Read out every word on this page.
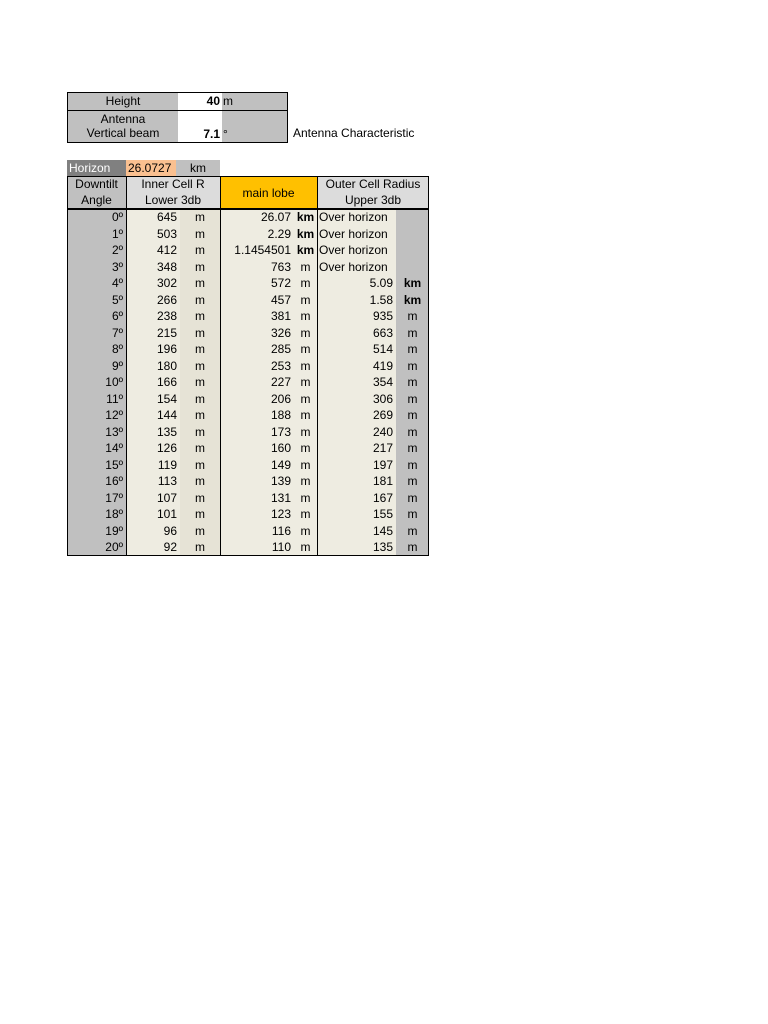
Height	40 m
Antenna
Vertical beam	7.1 °	Antenna Characteristic
Horizon	26.0727	km
Downtilt
Angle
Inner Cell R
Lower 3db
main lobe
Outer Cell Radius
Upper 3db
0º	645	m	26.07 km Over horizon
1º	503	m	2.29 km Over horizon
2º	412	m	1.1454501 km Over horizon
3º	348	m	763 m Over horizon
4º	302	m	572 m	5.09 km
5º	266	m	457 m	1.58 km
6º	238	m	381 m	935	m
7º	215	m	326 m	663	m
8º	196	m	285 m	514	m
9º	180	m	253 m	419	m
10º	166	m	227 m	354	m
11º	154	m	206 m	306	m
12º	144	m	188 m	269	m
13º	135	m	173 m	240	m
14º	126	m	160 m	217	m
15º	119	m	149 m	197	m
16º	113	m	139 m	181	m
17º	107	m	131 m	167	m
18º	101	m	123 m	155	m
19º	96	m	116 m	145	m
20º	92	m	110 m	135	m
